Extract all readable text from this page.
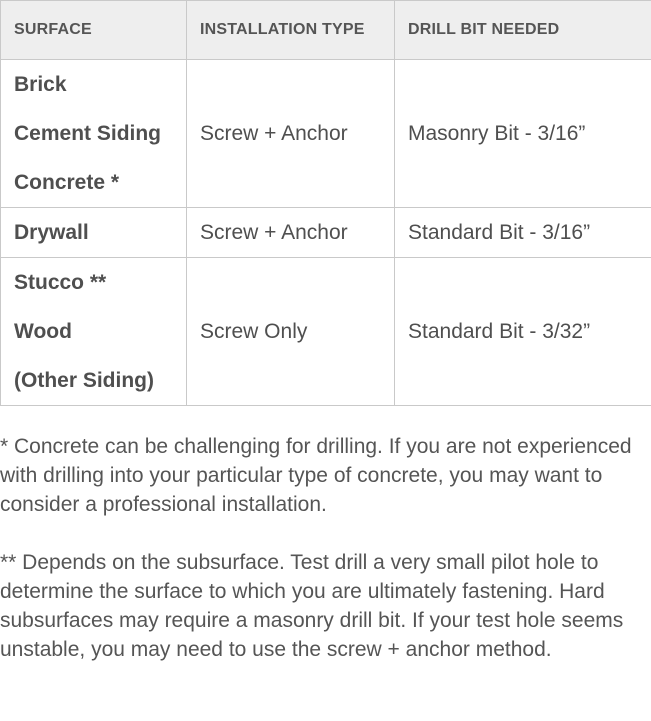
SURFACE	INSTALLATION TYPE	DRILL BIT NEEDED

Brick
Cement Siding
Concrete *	Screw + Anchor	Masonry Bit - 3/16”

Drywall	Screw + Anchor	Standard Bit - 3/16”

Stucco **
Wood
(Other Siding)	Screw Only	Standard Bit - 3/32”

* Concrete can be challenging for drilling. If you are not experienced with drilling into your particular type of concrete, you may want to consider a professional installation.

** Depends on the subsurface. Test drill a very small pilot hole to determine the surface to which you are ultimately fastening. Hard subsurfaces may require a masonry drill bit. If your test hole seems unstable, you may need to use the screw + anchor method.
